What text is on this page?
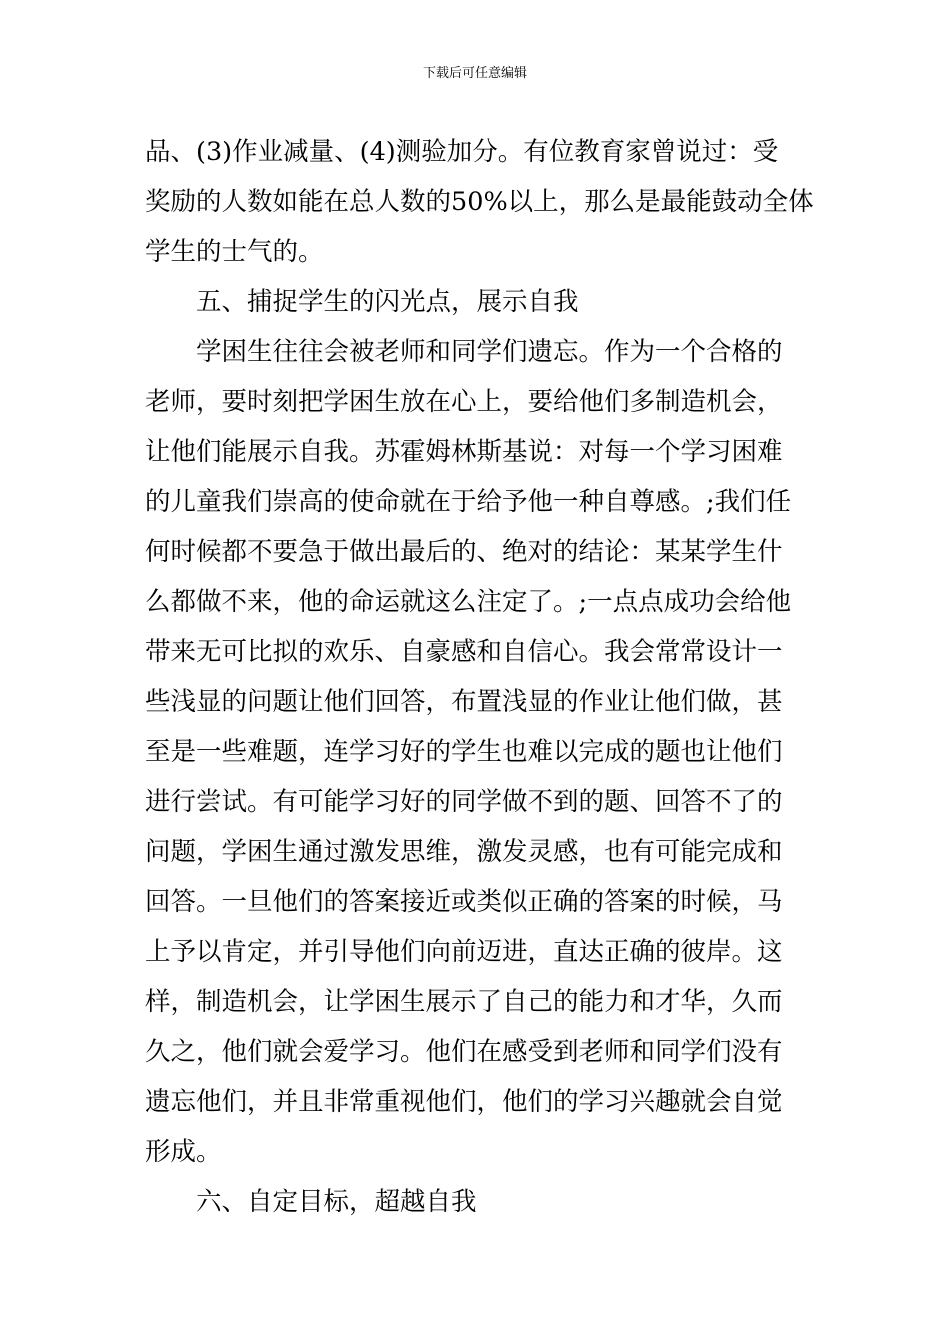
下载后可任意编辑
品、(3)作业减量、(4)测验加分。有位教育家曾说过：受
奖励的人数如能在总人数的50%以上，那么是最能鼓动全体
学生的士气的。
五、捕捉学生的闪光点，展示自我
学困生往往会被老师和同学们遗忘。作为一个合格的
老师，要时刻把学困生放在心上，要给他们多制造机会，
让他们能展示自我。苏霍姆林斯基说：对每一个学习困难
的儿童我们崇高的使命就在于给予他一种自尊感。;我们任
何时候都不要急于做出最后的、绝对的结论：某某学生什
么都做不来，他的命运就这么注定了。;一点点成功会给他
带来无可比拟的欢乐、自豪感和自信心。我会常常设计一
些浅显的问题让他们回答，布置浅显的作业让他们做，甚
至是一些难题，连学习好的学生也难以完成的题也让他们
进行尝试。有可能学习好的同学做不到的题、回答不了的
问题，学困生通过激发思维，激发灵感，也有可能完成和
回答。一旦他们的答案接近或类似正确的答案的时候，马
上予以肯定，并引导他们向前迈进，直达正确的彼岸。这
样，制造机会，让学困生展示了自己的能力和才华，久而
久之，他们就会爱学习。他们在感受到老师和同学们没有
遗忘他们，并且非常重视他们，他们的学习兴趣就会自觉
形成。
六、自定目标，超越自我
